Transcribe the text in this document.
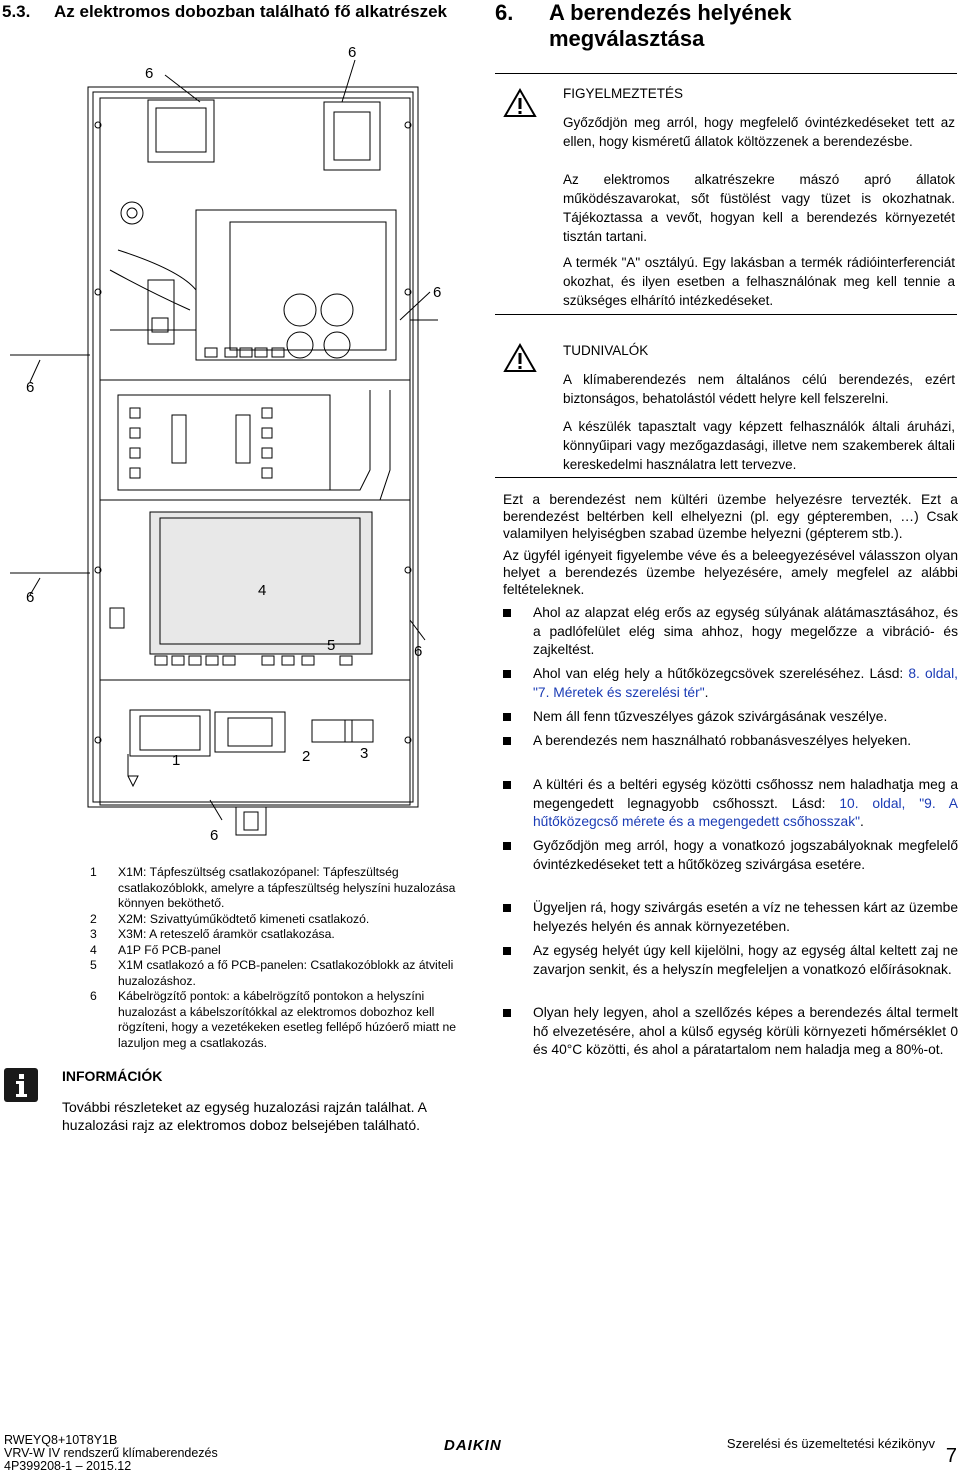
5.3. Az elektromos dobozban található fő alkatrészek
6
6
6
6
6	4
5	6
1	2	3
6
1 X1M: Tápfeszültség csatlakozópanel: Tápfeszültség csatlakozóblokk, amelyre a tápfeszültség helyszíni huzalozása könnyen beköthető.
2 X2M: Szivattyúműködtető kimeneti csatlakozó.
3 X3M: A reteszelő áramkör csatlakozása.
4 A1P Fő PCB-panel
5 X1M csatlakozó a fő PCB-panelen: Csatlakozóblokk az átviteli huzalozáshoz.
6 Kábelrögzítő pontok: a kábelrögzítő pontokon a helyszíni huzalozást a kábelszorítókkal az elektromos dobozhoz kell rögzíteni, hogy a vezetékeken esetleg fellépő húzóerő miatt ne lazuljon meg a csatlakozás.
INFORMÁCIÓK
További részleteket az egység huzalozási rajzán találhat. A huzalozási rajz az elektromos doboz belsejében található.
6. A berendezés helyének
megválasztása
FIGYELMEZTETÉS
Győződjön meg arról, hogy megfelelő óvintézkedéseket tett az ellen, hogy kisméretű állatok költözzenek a berendezésbe.
Az elektromos alkatrészekre mászó apró állatok működészavarokat, sőt füstölést vagy tüzet is okozhatnak. Tájékoztassa a vevőt, hogyan kell a berendezés környezetét tisztán tartani.
A termék "A" osztályú. Egy lakásban a termék rádióinterferenciát okozhat, és ilyen esetben a felhasználónak meg kell tennie a szükséges elhárító intézkedéseket.
TUDNIVALÓK
A klímaberendezés nem általános célú berendezés, ezért biztonságos, behatolástól védett helyre kell felszerelni.
A készülék tapasztalt vagy képzett felhasználók általi áruházi, könnyűipari vagy mezőgazdasági, illetve nem szakemberek általi kereskedelmi használatra lett tervezve.
Ezt a berendezést nem kültéri üzembe helyezésre tervezték. Ezt a berendezést beltérben kell elhelyezni (pl. egy gépteremben, …) Csak valamilyen helyiségben szabad üzembe helyezni (gépterem stb.).
Az ügyfél igényeit figyelembe véve és a beleegyezésével válasszon olyan helyet a berendezés üzembe helyezésére, amely megfelel az alábbi feltételeknek.
Ahol az alapzat elég erős az egység súlyának alátámasztásához, és a padlófelület elég sima ahhoz, hogy megelőzze a vibráció- és zajkeltést.
Ahol van elég hely a hűtőközegcsövek szereléséhez. Lásd: 8. oldal, "7. Méretek és szerelési tér".
Nem áll fenn tűzveszélyes gázok szivárgásának veszélye.
A berendezés nem használható robbanásveszélyes helyeken.
A kültéri és a beltéri egység közötti csőhossz nem haladhatja meg a megengedett legnagyobb csőhosszt. Lásd: 10. oldal, "9. A hűtőközegcső mérete és a megengedett csőhosszak".
Győződjön meg arról, hogy a vonatkozó jogszabályoknak megfelelő óvintézkedéseket tett a hűtőközeg szivárgása esetére.
Ügyeljen rá, hogy szivárgás esetén a víz ne tehessen kárt az üzembe helyezés helyén és annak környezetében.
Az egység helyét úgy kell kijelölni, hogy az egység által keltett zaj ne zavarjon senkit, és a helyszín megfeleljen a vonatkozó előírásoknak.
Olyan hely legyen, ahol a szellőzés képes a berendezés által termelt hő elvezetésére, ahol a külső egység körüli környezeti hőmérséklet 0 és 40°C közötti, és ahol a páratartalom nem haladja meg a 80%-ot.
RWEYQ8+10T8Y1B
VRV-W IV rendszerű klímaberendezés
4P399208-1 – 2015.12
Szerelési és üzemeltetési kézikönyv
7
DAIKIN
